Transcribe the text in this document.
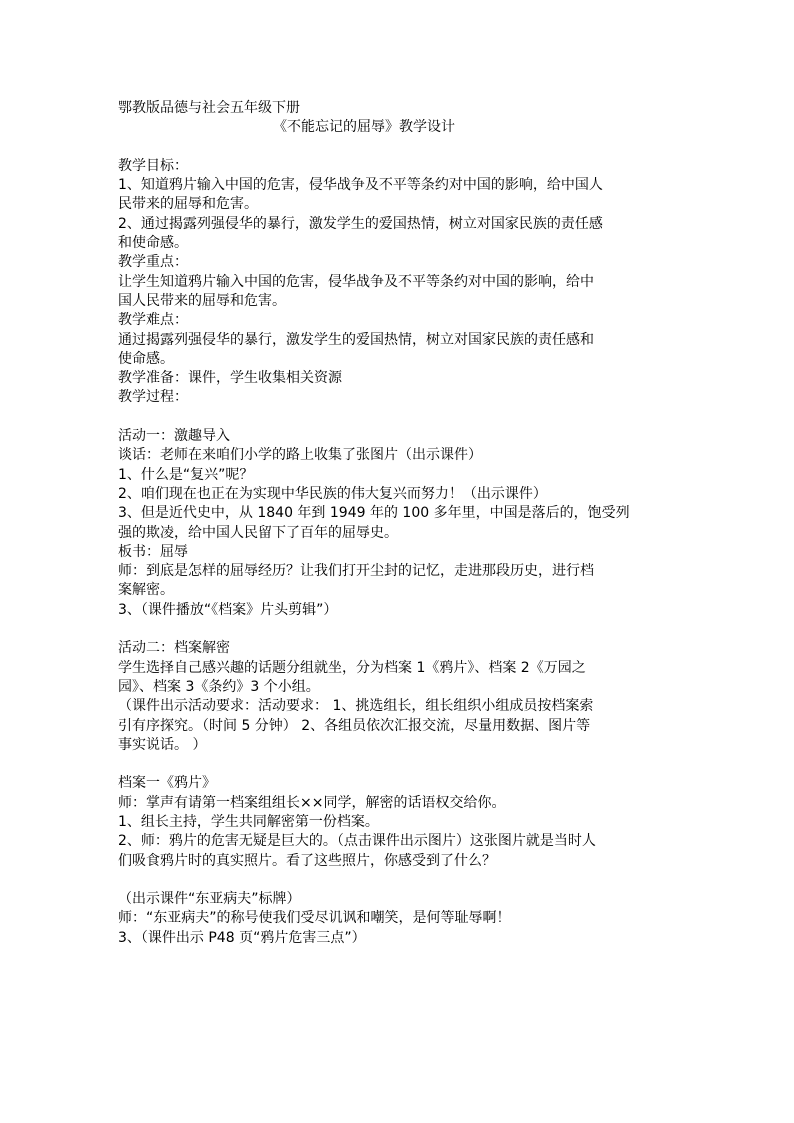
鄂教版品德与社会五年级下册
《不能忘记的屈辱》教学设计
教学目标：
1、知道鸦片输入中国的危害，侵华战争及不平等条约对中国的影响，给中国人
民带来的屈辱和危害。
2、通过揭露列强侵华的暴行，激发学生的爱国热情，树立对国家民族的责任感
和使命感。
教学重点：
让学生知道鸦片输入中国的危害，侵华战争及不平等条约对中国的影响，给中
国人民带来的屈辱和危害。
教学难点：
通过揭露列强侵华的暴行，激发学生的爱国热情，树立对国家民族的责任感和
使命感。
教学准备：课件，学生收集相关资源
教学过程：
活动一：激趣导入
谈话：老师在来咱们小学的路上收集了张图片（出示课件）
1、什么是“复兴”呢？
2、咱们现在也正在为实现中华民族的伟大复兴而努力！（出示课件）
3、但是近代史中，从 1840 年到 1949 年的 100 多年里，中国是落后的，饱受列
强的欺凌，给中国人民留下了百年的屈辱史。
板书：屈辱
师：到底是怎样的屈辱经历？让我们打开尘封的记忆，走进那段历史，进行档
案解密。
3、（课件播放“《档案》片头剪辑”）
活动二：档案解密
学生选择自己感兴趣的话题分组就坐，分为档案 1《鸦片》、档案 2《万园之
园》、档案 3《条约》3 个小组。
（课件出示活动要求：活动要求： 1、挑选组长，组长组织小组成员按档案索
引有序探究。（时间 5 分钟） 2、各组员依次汇报交流，尽量用数据、图片等
事实说话。 ）
档案一《鸦片》
师：掌声有请第一档案组组长××同学，解密的话语权交给你。
1、组长主持，学生共同解密第一份档案。
2、师：鸦片的危害无疑是巨大的。（点击课件出示图片）这张图片就是当时人
们吸食鸦片时的真实照片。看了这些照片，你感受到了什么？
（出示课件“东亚病夫”标牌）
师：“东亚病夫”的称号使我们受尽讥讽和嘲笑，是何等耻辱啊！
3、（课件出示 P48 页“鸦片危害三点”）
